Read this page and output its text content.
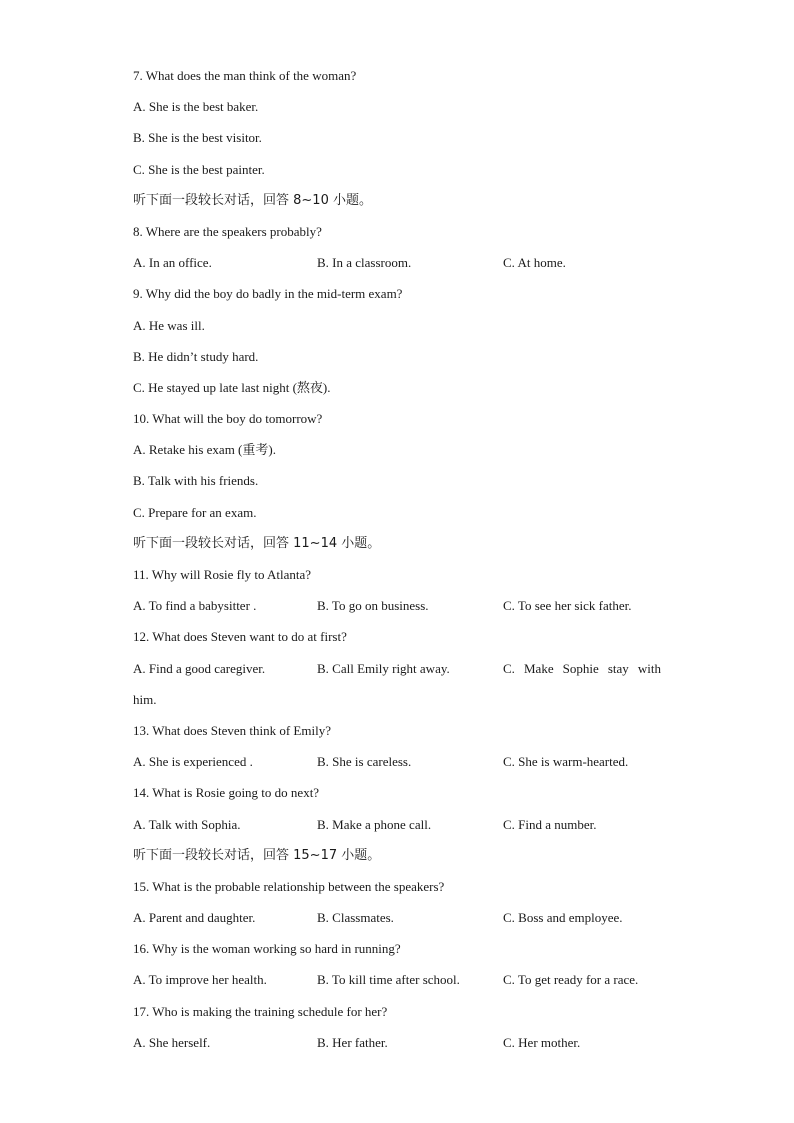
7. What does the man think of the woman?
A. She is the best baker.
B. She is the best visitor.
C. She is the best painter.
听下面一段较长对话，回答 8~10 小题。
8. Where are the speakers probably?
A. In an office.	B. In a classroom.	C. At home.
9. Why did the boy do badly in the mid-term exam?
A. He was ill.
B. He didn’t study hard.
C. He stayed up late last night (熬夜).
10. What will the boy do tomorrow?
A. Retake his exam (重考).
B. Talk with his friends.
C. Prepare for an exam.
听下面一段较长对话，回答 11~14 小题。
11. Why will Rosie fly to Atlanta?
A. To find a babysitter .	B. To go on business.	C. To see her sick father.
12. What does Steven want to do at first?
A. Find a good caregiver.	B. Call Emily right away.	C. Make Sophie stay with
him.
13. What does Steven think of Emily?
A. She is experienced .	B. She is careless.	C. She is warm-hearted.
14. What is Rosie going to do next?
A. Talk with Sophia.	B. Make a phone call.	C. Find a number.
听下面一段较长对话，回答 15~17 小题。
15. What is the probable relationship between the speakers?
A. Parent and daughter.	B. Classmates.	C. Boss and employee.
16. Why is the woman working so hard in running?
A. To improve her health.	B. To kill time after school.	C. To get ready for a race.
17. Who is making the training schedule for her?
A. She herself.	B. Her father.	C. Her mother.
